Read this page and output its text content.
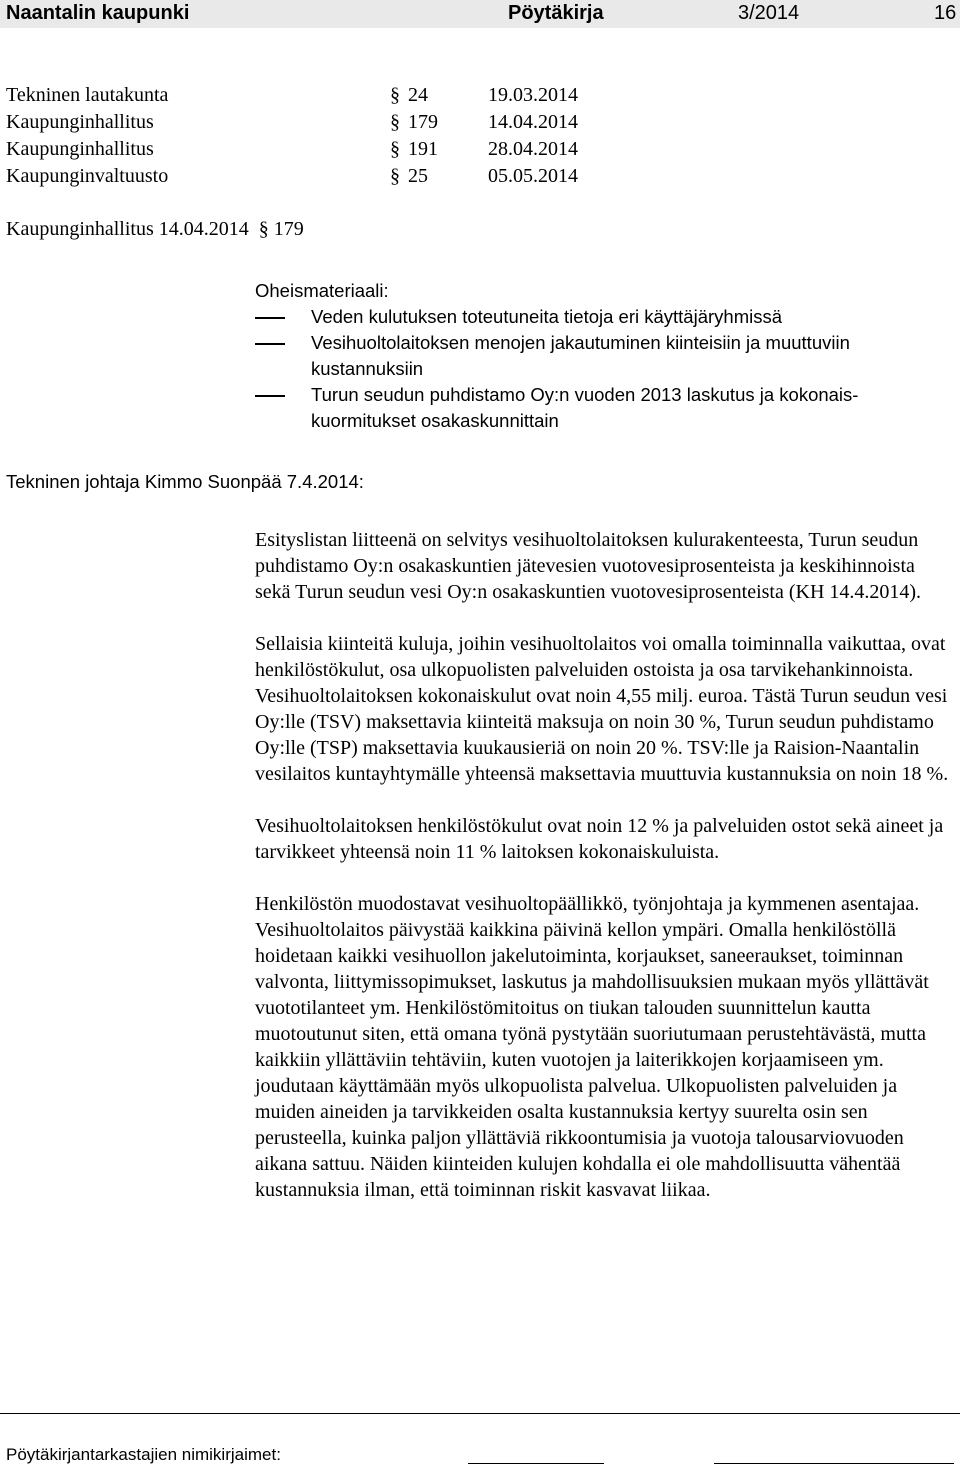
Naantalin kaupunki	Pöytäkirja	3/2014	16
Tekninen lautakunta	§ 24	19.03.2014
Kaupunginhallitus	§ 179	14.04.2014
Kaupunginhallitus	§ 191	28.04.2014
Kaupunginvaltuusto	§ 25	05.05.2014
Kaupunginhallitus 14.04.2014 § 179
Oheismateriaali:
Veden kulutuksen toteutuneita tietoja eri käyttäjäryhmissä
Vesihuoltolaitoksen menojen jakautuminen kiinteisiin ja muuttuviin kustannuksiin
Turun seudun puhdistamo Oy:n vuoden 2013 laskutus ja kokonaiskuormitukset osakaskunnittain
Tekninen johtaja Kimmo Suonpää 7.4.2014:

Esityslistan liitteenä on selvitys vesihuoltolaitoksen kulurakenteesta, Turun seudun puhdistamo Oy:n osakaskuntien jätevesien vuotovesiprosenteista ja keskihinnoista sekä Turun seudun vesi Oy:n osakaskuntien vuotovesiprosenteista (KH 14.4.2014).

Sellaisia kiinteitä kuluja, joihin vesihuoltolaitos voi omalla toiminnalla vaikuttaa, ovat henkilöstökulut, osa ulkopuolisten palveluiden ostoista ja osa tarvikehankinnoista. Vesihuoltolaitoksen kokonaiskulut ovat noin 4,55 milj. euroa. Tästä Turun seudun vesi Oy:lle (TSV) maksettavia kiinteitä maksuja on noin 30 %, Turun seudun puhdistamo Oy:lle (TSP) maksettavia kuukausieriä on noin 20 %. TSV:lle ja Raision-Naantalin vesilaitos kuntayhtymälle yhteensä maksettavia muuttuvia kustannuksia on noin 18 %.

Vesihuoltolaitoksen henkilöstökulut ovat noin 12 % ja palveluiden ostot sekä aineet ja tarvikkeet yhteensä noin 11 % laitoksen kokonaiskuluista.

Henkilöstön muodostavat vesihuoltopäällikkö, työnjohtaja ja kymmenen asentajaa. Vesihuoltolaitos päivystää kaikkina päivinä kellon ympäri. Omalla henkilöstöllä hoidetaan kaikki vesihuollon jakelutoiminta, korjaukset, saneeraukset, toiminnan valvonta, liittymissopimukset, laskutus ja mahdollisuuksien mukaan myös yllättävät vuototilanteet ym. Henkilöstömitoitus on tiukan talouden suunnittelun kautta muotoutunut siten, että omana työnä pystytään suoriutumaan perustehtävästä, mutta kaikkiin yllättäviin tehtäviin, kuten vuotojen ja laiterikkojen korjaamiseen ym. joudutaan käyttämään myös ulkopuolista palvelua. Ulkopuolisten palveluiden ja muiden aineiden ja tarvikkeiden osalta kustannuksia kertyy suurelta osin sen perusteella, kuinka paljon yllättäviä rikkoontumisia ja vuotoja talousarviovuoden aikana sattuu. Näiden kiinteiden kulujen kohdalla ei ole mahdollisuutta vähentää kustannuksia ilman, että toiminnan riskit kasvavat liikaa.

Pöytäkirjantarkastajien nimikirjaimet:
